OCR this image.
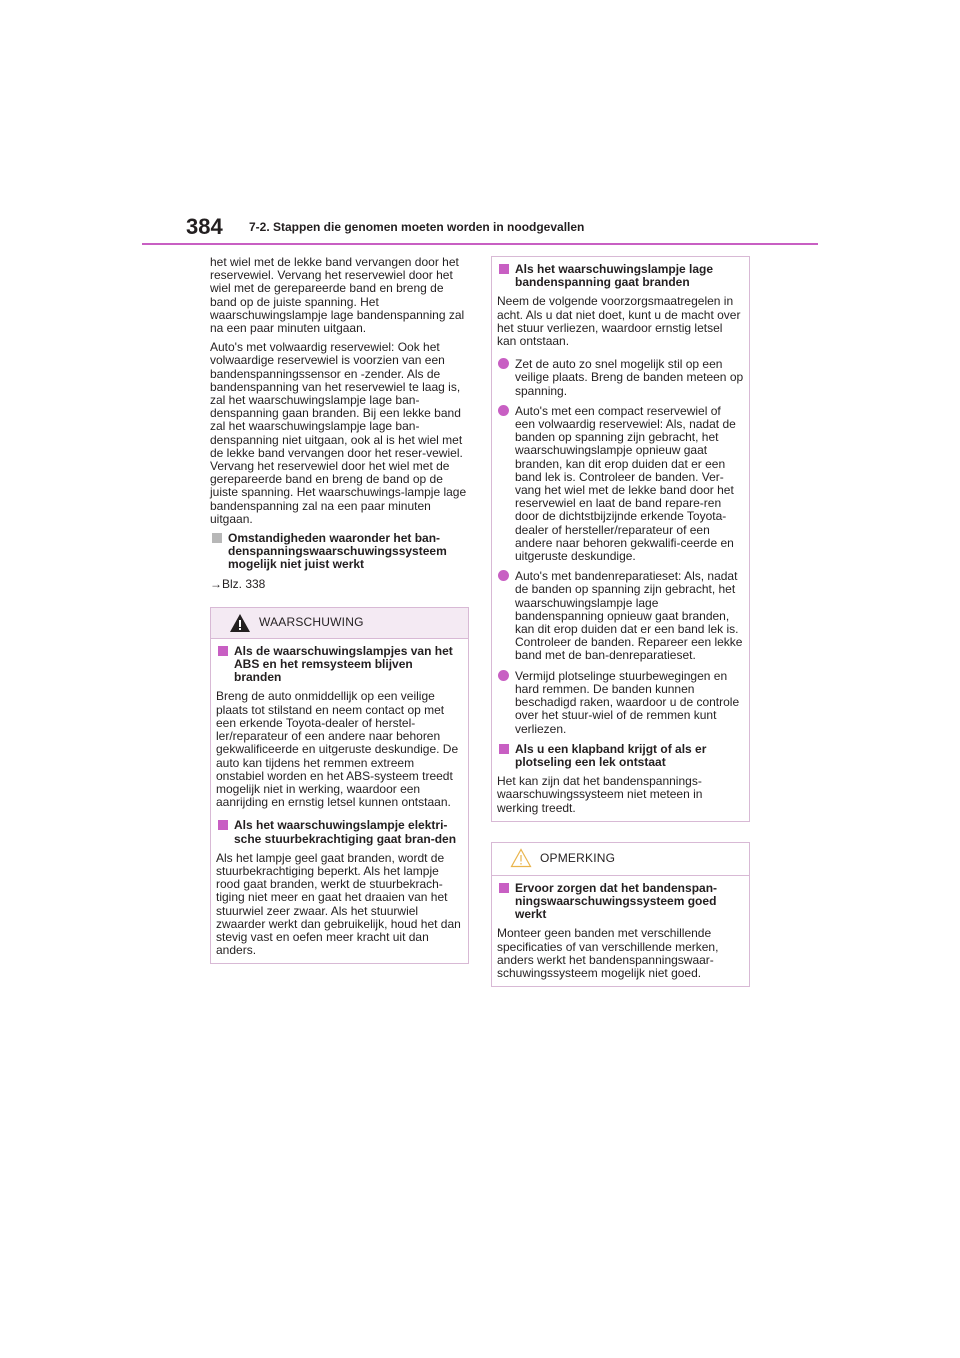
384 7-2. Stappen die genomen moeten worden in noodgevallen

het wiel met de lekke band vervangen door het reservewiel. Vervang het reservewiel door het wiel met de gerepareerde band en breng de band op de juiste spanning. Het waarschuwingslampje lage bandenspanning zal na een paar minuten uitgaan.

Auto's met volwaardig reservewiel: Ook het volwaardige reservewiel is voorzien van een bandenspanningssensor en -zender. Als de bandenspanning van het reservewiel te laag is, zal het waarschuwingslampje lage ban-denspanning gaan branden. Bij een lekke band zal het waarschuwingslampje lage ban-denspanning niet uitgaan, ook al is het wiel met de lekke band vervangen door het reser-vewiel. Vervang het reservewiel door het wiel met de gerepareerde band en breng de band op de juiste spanning. Het waarschuwings-lampje lage bandenspanning zal na een paar minuten uitgaan.

Omstandigheden waaronder het ban-denspanningswaarschuwingssysteem mogelijk niet juist werkt

→Blz. 338

WAARSCHUWING
Als de waarschuwingslampjes van het ABS en het remsysteem blijven branden

Breng de auto onmiddellijk op een veilige plaats tot stilstand en neem contact op met een erkende Toyota-dealer of herstel-ler/reparateur of een andere naar behoren gekwalificeerde en uitgeruste deskundige. De auto kan tijdens het remmen extreem onstabiel worden en het ABS-systeem treedt mogelijk niet in werking, waardoor een aanrijding en ernstig letsel kunnen ontstaan.

Als het waarschuwingslampje elektri-sche stuurbekrachtiging gaat bran-den

Als het lampje geel gaat branden, wordt de stuurbekrachtiging beperkt. Als het lampje rood gaat branden, werkt de stuurbekrach-tiging niet meer en gaat het draaien van het stuurwiel zeer zwaar. Als het stuurwiel zwaarder werkt dan gebruikelijk, houd het dan stevig vast en oefen meer kracht uit dan anders.

Als het waarschuwingslampje lage bandenspanning gaat branden

Neem de volgende voorzorgsmaatregelen in acht. Als u dat niet doet, kunt u de macht over het stuur verliezen, waardoor ernstig letsel kan ontstaan.

Zet de auto zo snel mogelijk stil op een veilige plaats. Breng de banden meteen op spanning.
Auto's met een compact reservewiel of een volwaardig reservewiel: Als, nadat de banden op spanning zijn gebracht, het waarschuwingslampje opnieuw gaat branden, kan dit erop duiden dat er een band lek is. Controleer de banden. Ver-vang het wiel met de lekke band door het reservewiel en laat de band repare-ren door de dichtstbijzijnde erkende Toyota-dealer of hersteller/reparateur of een andere naar behoren gekwalifi-ceerde en uitgeruste deskundige.
Auto's met bandenreparatieset: Als, nadat de banden op spanning zijn gebracht, het waarschuwingslampje lage bandenspanning opnieuw gaat branden, kan dit erop duiden dat er een band lek is. Controleer de banden. Repareer een lekke band met de ban-denreparatieset.
Vermijd plotselinge stuurbewegingen en hard remmen. De banden kunnen beschadigd raken, waardoor u de controle over het stuur-wiel of de remmen kunt verliezen.
Als u een klapband krijgt of als er plotseling een lek ontstaat

Het kan zijn dat het bandenspannings-waarschuwingssysteem niet meteen in werking treedt.

OPMERKING
Ervoor zorgen dat het bandenspan-ningswaarschuwingssysteem goed werkt

Monteer geen banden met verschillende specificaties of van verschillende merken, anders werkt het bandenspanningswaar-schuwingssysteem mogelijk niet goed.
